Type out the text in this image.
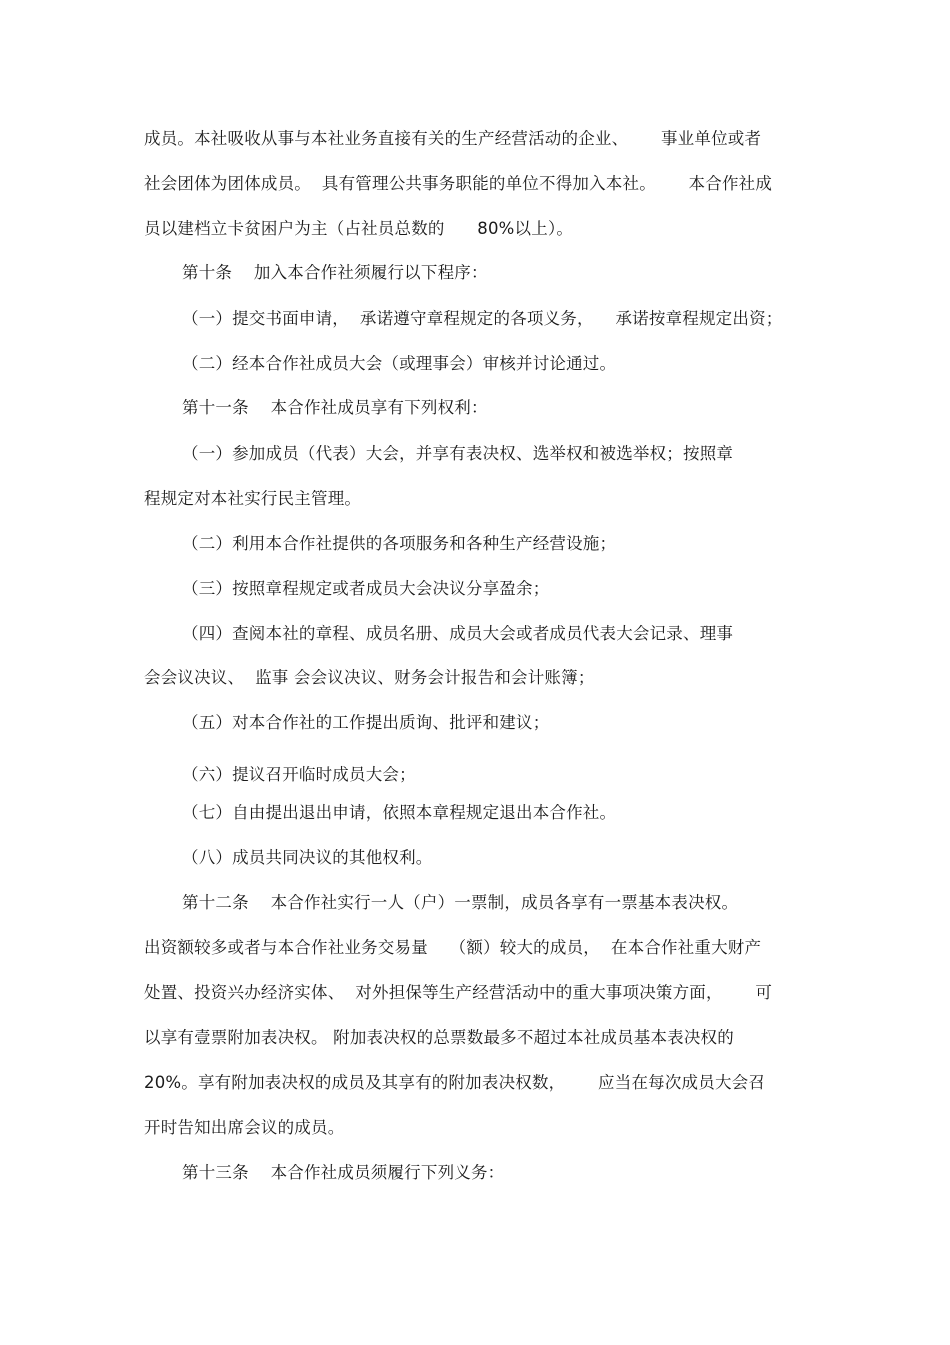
成员。本社吸收从事与本社业务直接有关的生产经营活动的企业、      事业单位或者
社会团体为团体成员。  具有管理公共事务职能的单位不得加入本社。      本合作社成
员以建档立卡贫困户为主（占社员总数的      80%以上）。
第十条    加入本合作社须履行以下程序：
（一）提交书面申请，  承诺遵守章程规定的各项义务，    承诺按章程规定出资；
（二）经本合作社成员大会（或理事会）审核并讨论通过。
第十一条    本合作社成员享有下列权利：
（一）参加成员（代表）大会，并享有表决权、选举权和被选举权；按照章
程规定对本社实行民主管理。
（二）利用本合作社提供的各项服务和各种生产经营设施；
（三）按照章程规定或者成员大会决议分享盈余；
（四）查阅本社的章程、成员名册、成员大会或者成员代表大会记录、理事
会会议决议、  监事 会会议决议、财务会计报告和会计账簿；
（五）对本合作社的工作提出质询、批评和建议；
（六）提议召开临时成员大会；
（七）自由提出退出申请，依照本章程规定退出本合作社。
（八）成员共同决议的其他权利。
第十二条    本合作社实行一人（户）一票制，成员各享有一票基本表决权。
出资额较多或者与本合作社业务交易量    （额）较大的成员，  在本合作社重大财产
处置、投资兴办经济实体、  对外担保等生产经营活动中的重大事项决策方面，      可
以享有壹票附加表决权。 附加表决权的总票数最多不超过本社成员基本表决权的
20%。享有附加表决权的成员及其享有的附加表决权数，      应当在每次成员大会召
开时告知出席会议的成员。
第十三条    本合作社成员须履行下列义务：
